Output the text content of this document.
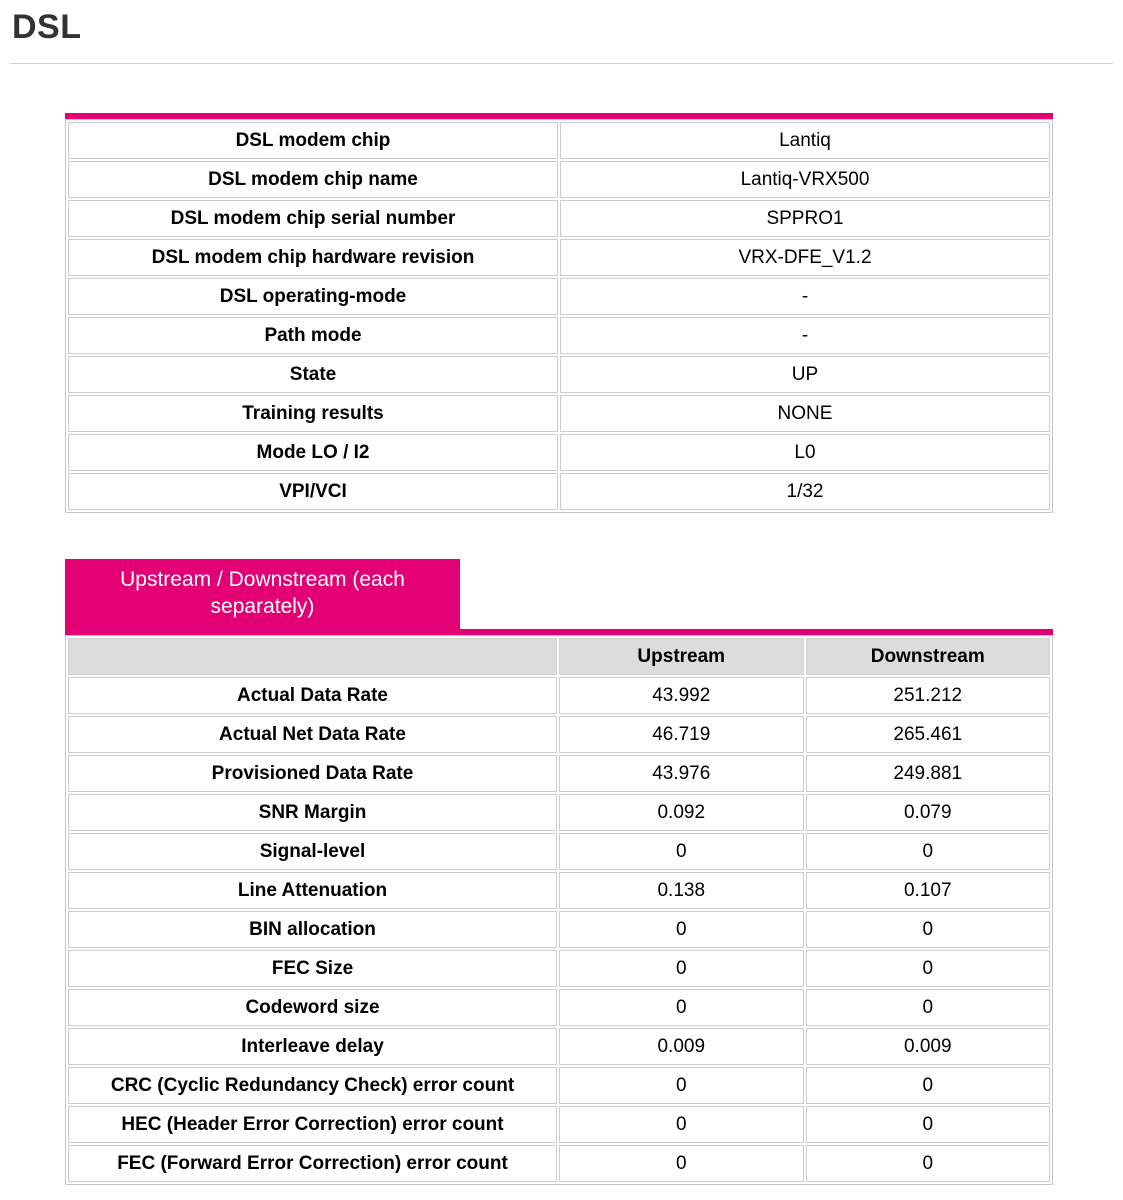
DSL
DSL modem chip	Lantiq
DSL modem chip name	Lantiq-VRX500
DSL modem chip serial number	SPPRO1
DSL modem chip hardware revision	VRX-DFE_V1.2
DSL operating-mode	-
Path mode	-
State	UP
Training results	NONE
Mode LO / I2	L0
VPI/VCI	1/32
Upstream / Downstream (each separately)
	Upstream	Downstream
Actual Data Rate	43.992	251.212
Actual Net Data Rate	46.719	265.461
Provisioned Data Rate	43.976	249.881
SNR Margin	0.092	0.079
Signal-level	0	0
Line Attenuation	0.138	0.107
BIN allocation	0	0
FEC Size	0	0
Codeword size	0	0
Interleave delay	0.009	0.009
CRC (Cyclic Redundancy Check) error count	0	0
HEC (Header Error Correction) error count	0	0
FEC (Forward Error Correction) error count	0	0
